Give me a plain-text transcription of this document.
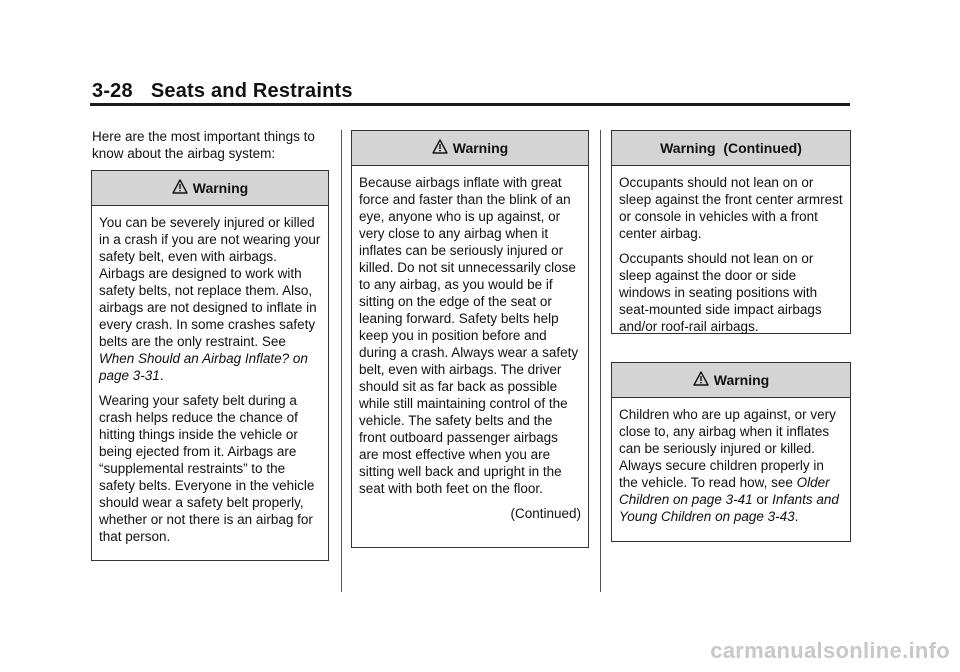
3-28 Seats and Restraints
Here are the most important things to know about the airbag system:
Warning

You can be severely injured or killed in a crash if you are not wearing your safety belt, even with airbags. Airbags are designed to work with safety belts, not replace them. Also, airbags are not designed to inflate in every crash. In some crashes safety belts are the only restraint. See When Should an Airbag Inflate? on page 3-31.

Wearing your safety belt during a crash helps reduce the chance of hitting things inside the vehicle or being ejected from it. Airbags are “supplemental restraints” to the safety belts. Everyone in the vehicle should wear a safety belt properly, whether or not there is an airbag for that person.

Warning

Because airbags inflate with great force and faster than the blink of an eye, anyone who is up against, or very close to any airbag when it inflates can be seriously injured or killed. Do not sit unnecessarily close to any airbag, as you would be if sitting on the edge of the seat or leaning forward. Safety belts help keep you in position before and during a crash. Always wear a safety belt, even with airbags. The driver should sit as far back as possible while still maintaining control of the vehicle. The safety belts and the front outboard passenger airbags are most effective when you are sitting well back and upright in the seat with both feet on the floor.

(Continued)
Warning  (Continued)

Occupants should not lean on or sleep against the front center armrest or console in vehicles with a front center airbag.

Occupants should not lean on or sleep against the door or side windows in seating positions with seat-mounted side impact airbags and/or roof-rail airbags.

Warning

Children who are up against, or very close to, any airbag when it inflates can be seriously injured or killed. Always secure children properly in the vehicle. To read how, see Older Children on page 3-41 or Infants and Young Children on page 3-43.

carmanualsonline.info
